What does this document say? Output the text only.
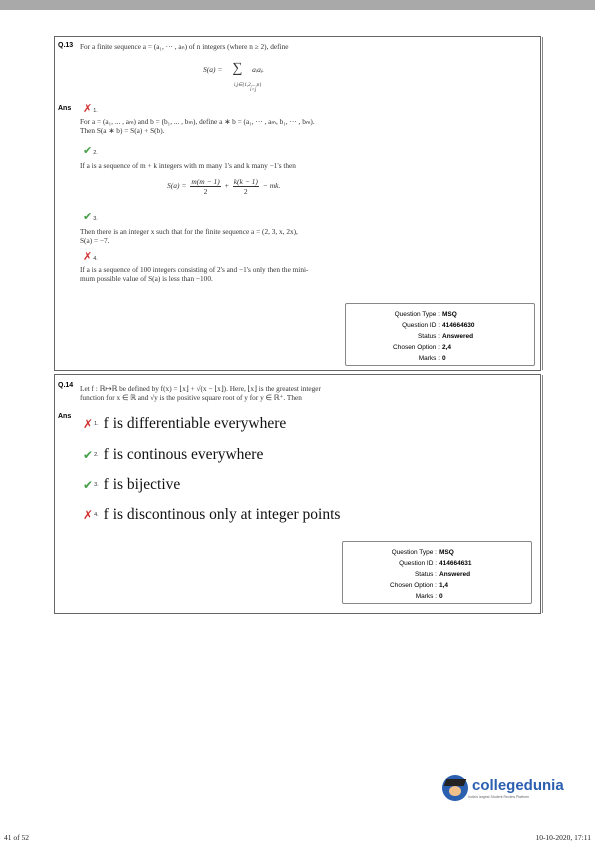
Q.13 For a finite sequence a = (a₁, ··· , aₙ) of n integers (where n ≥ 2), define
S(a) = ∑ aᵢaⱼ.
i,j∈{1,2,...,n}
i<j
Ans ✗ 1.
For a = (a₁, ... , aₘ) and b = (b₁, ... , bₘ), define a ∗ b = (a₁, ··· , aₘ, b₁, ··· , bₘ).
Then S(a ∗ b) = S(a) + S(b).
✔ 2.
If a is a sequence of m + k integers with m many 1's and k many −1's then
$S(a) = \frac{m(m - 1)}{2} + \frac{k(k - 1)}{2}$ − mk.
✔ 3.
Then there is an integer x such that for the finite sequence a = (2, 3, x, 2x),
S(a) = −7.
✗ 4.
If a is a sequence of 100 integers consisting of 2's and −1's only then the mini-
mum possible value of S(a) is less than −100.
Question Type : MSQ
Question ID : 414664630
Status : Answered
Chosen Option : 2,4
Marks : 0
Q.14 Let f : ℝ↦ℝ be defined by f(x) = ⌊x⌋ + √(x − ⌊x⌋). Here, ⌊x⌋ is the greatest integer
function for x ∈ ℝ and √y is the positive square root of y for y ∈ ℝ⁺. Then
Ans
✗ 1. f is differentiable everywhere
✔ 2. f is continous everywhere
✔ 3. f is bijective
✗ 4. f is discontinous only at integer points
Question Type : MSQ
Question ID : 414664631
Status : Answered
Chosen Option : 1,4
Marks : 0
collegedunia
India's largest Student Review Platform
41 of 52	10-10-2020, 17:11
